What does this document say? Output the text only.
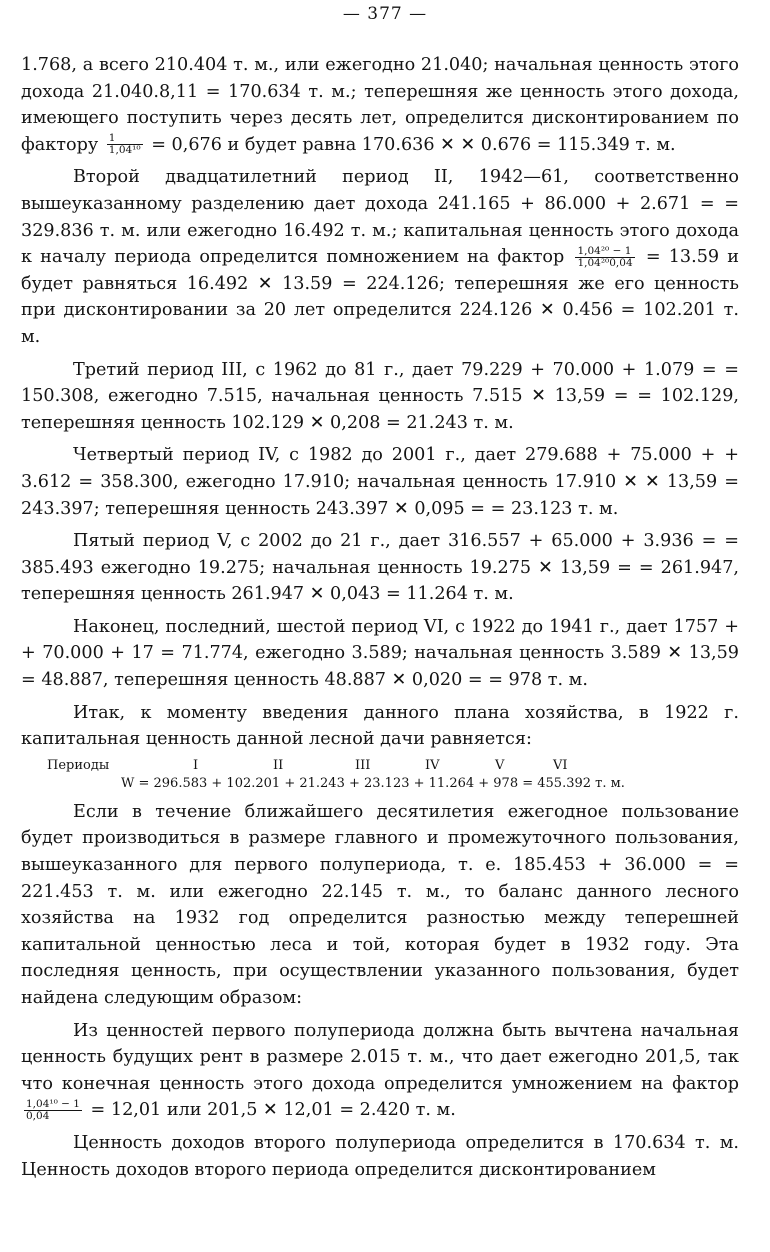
— 377 —

1.768, а всего 210.404 т. м., или ежегодно 21.040; начальная ценность этого дохода 21.040.8,11 = 170.634 т. м.; теперешняя же ценность этого дохода, имеющего поступить через десять лет, определится дисконтированием по фактору $\frac{1}{\text{1,04¹⁰}} = 0,676$ и будет равна 170.636 ✕ ✕ 0.676 = 115.349 т. м.

Второй двадцатилетний период II, 1942—61, соответственно вышеуказанному разделению дает дохода 241.165 + 86.000 + 2.671 = = 329.836 т. м. или ежегодно 16.492 т. м.; капитальная ценность этого дохода к началу периода определится помножением на фактор $\frac{\text{1,04²⁰ − 1}}{\text{1,04²⁰0,04}} = 13.59$ и будет равняться 16.492 ✕ 13.59 = 224.126; теперешняя же его ценность при дисконтировании за 20 лет определится 224.126 ✕ 0.456 = 102.201 т. м.

Третий период III, с 1962 до 81 г., дает 79.229 + 70.000 + 1.079 = = 150.308, ежегодно 7.515, начальная ценность 7.515 ✕ 13,59 = = 102.129, теперешняя ценность 102.129 ✕ 0,208 = 21.243 т. м.

Четвертый период IV, с 1982 до 2001 г., дает 279.688 + 75.000 + + 3.612 = 358.300, ежегодно 17.910; начальная ценность 17.910 ✕ ✕ 13,59 = 243.397; теперешняя ценность 243.397 ✕ 0,095 = = 23.123 т. м.

Пятый период V, с 2002 до 21 г., дает 316.557 + 65.000 + 3.936 = = 385.493 ежегодно 19.275; начальная ценность 19.275 ✕ 13,59 = = 261.947, теперешняя ценность 261.947 ✕ 0,043 = 11.264 т. м.

Наконец, последний, шестой период VI, с 1922 до 1941 г., дает 1757 + + 70.000 + 17 = 71.774, ежегодно 3.589; начальная ценность 3.589 ✕ 13,59 = 48.887, теперешняя ценность 48.887 ✕ 0,020 = = 978 т. м.

Итак, к моменту введения данного плана хозяйства, в 1922 г. капитальная ценность данной лесной дачи равняется:

Периоды	I	II	III	IV	V	VI
W = 296.583 + 102.201 + 21.243 + 23.123 + 11.264 + 978 = 455.392 т. м.

Если в течение ближайшего десятилетия ежегодное пользование будет производиться в размере главного и промежуточного пользования, вышеуказанного для первого полупериода, т. е. 185.453 + 36.000 = = 221.453 т. м. или ежегодно 22.145 т. м., то баланс данного лесного хозяйства на 1932 год определится разностью между теперешней капитальной ценностью леса и той, которая будет в 1932 году. Эта последняя ценность, при осуществлении указанного пользования, будет найдена следующим образом:

Из ценностей первого полупериода должна быть вычтена начальная ценность будущих рент в размере 2.015 т. м., что дает ежегодно 201,5, так что конечная ценность этого дохода определится умножением на фактор
$\frac{\text{1,04¹⁰ − 1}}{0,04} = 12,01$ или 201,5 ✕ 12,01 = 2.420 т. м.

Ценность доходов второго полупериода определится в 170.634 т. м. Ценность доходов второго периода определится дисконтированием
